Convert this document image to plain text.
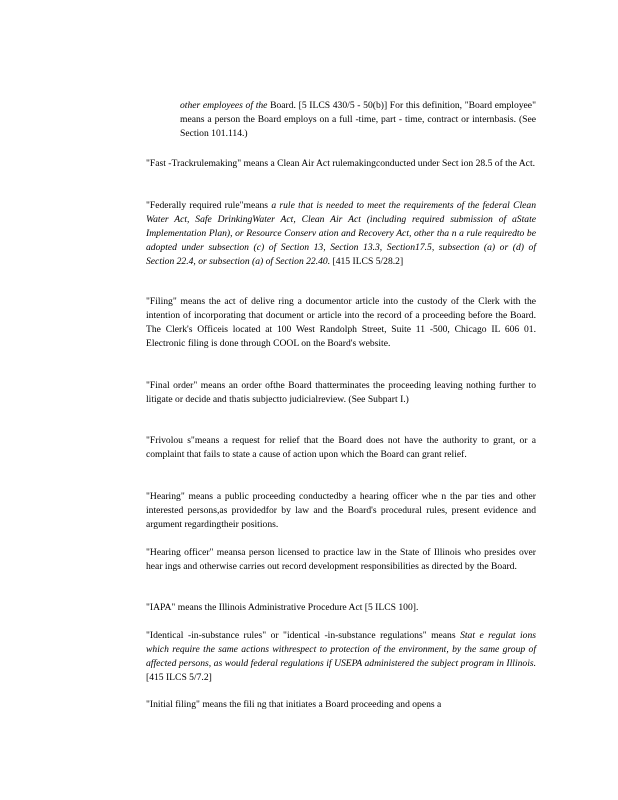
other employees of the Board. [5 ILCS 430/5 - 50(b)] For this definition, "Board employee" means a person the Board employs on a full -time, part - time, contract or internbasis. (See Section 101.114.)

"Fast -Trackrulemaking" means a Clean Air Act rulemakingconducted under Sect ion 28.5 of the Act.

"Federally required rule"means a rule that is needed to meet the requirements of the federal Clean Water Act, Safe DrinkingWater Act, Clean Air Act (including required submission of aState Implementation Plan), or Resource Conserv ation and Recovery Act, other tha n a rule requiredto be adopted under subsection (c) of Section 13, Section 13.3, Section17.5, subsection (a) or (d) of Section 22.4, or subsection (a) of Section 22.40. [415 ILCS 5/28.2]

"Filing" means the act of delive ring a documentor article into the custody of the Clerk with the intention of incorporating that document or article into the record of a proceeding before the Board. The Clerk's Officeis located at 100 West Randolph Street, Suite 11 -500, Chicago IL 606 01. Electronic filing is done through COOL on the Board's website.

"Final order" means an order ofthe Board thatterminates the proceeding leaving nothing further to litigate or decide and thatis subjectto judicialreview. (See Subpart I.)

"Frivolou s"means a request for relief that the Board does not have the authority to grant, or a complaint that fails to state a cause of action upon which the Board can grant relief.

"Hearing" means a public proceeding conductedby a hearing officer whe n the par ties and other interested persons,as providedfor by law and the Board's procedural rules, present evidence and argument regardingtheir positions.

"Hearing officer" meansa person licensed to practice law in the State of Illinois who presides over hear ings and otherwise carries out record development responsibilities as directed by the Board.

"IAPA" means the Illinois Administrative Procedure Act [5 ILCS 100].

"Identical -in-substance rules" or "identical -in-substance regulations" means Stat e regulat ions which require the same actions withrespect to protection of the environment, by the same group of affected persons, as would federal regulations if USEPA administered the subject program in Illinois. [415 ILCS 5/7.2]

"Initial filing" means the fili ng that initiates a Board proceeding and opens a
